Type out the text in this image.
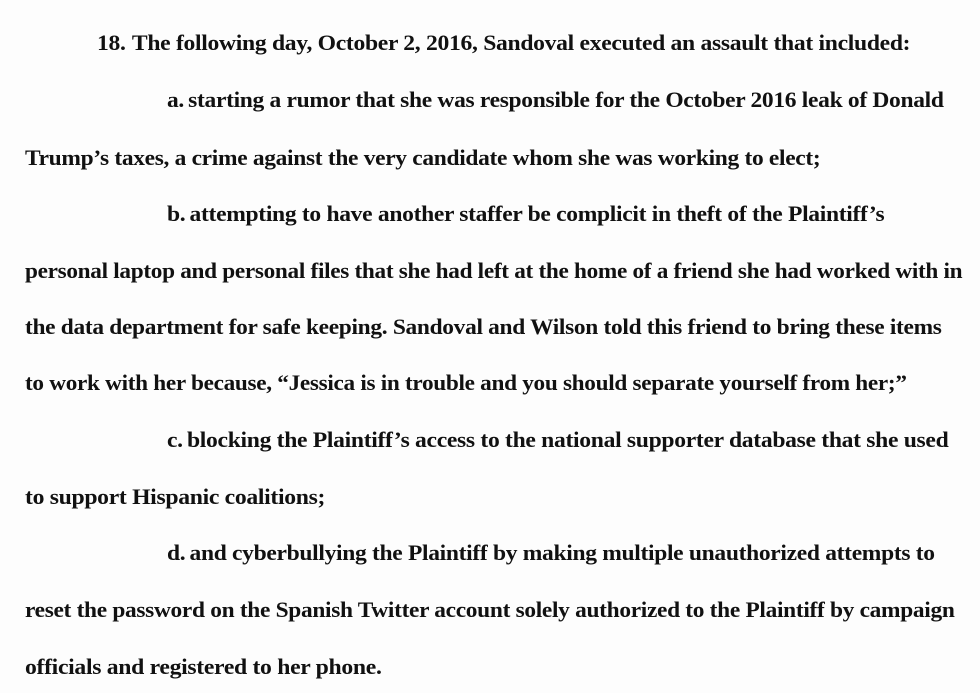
18. The following day, October 2, 2016, Sandoval executed an assault that included:
a. starting a rumor that she was responsible for the October 2016 leak of Donald
Trump’s taxes, a crime against the very candidate whom she was working to elect;
b. attempting to have another staffer be complicit in theft of the Plaintiff’s
personal laptop and personal files that she had left at the home of a friend she had worked with in
the data department for safe keeping. Sandoval and Wilson told this friend to bring these items
to work with her because, “Jessica is in trouble and you should separate yourself from her;”
c. blocking the Plaintiff’s access to the national supporter database that she used
to support Hispanic coalitions;
d. and cyberbullying the Plaintiff by making multiple unauthorized attempts to
reset the password on the Spanish Twitter account solely authorized to the Plaintiff by campaign
officials and registered to her phone.
